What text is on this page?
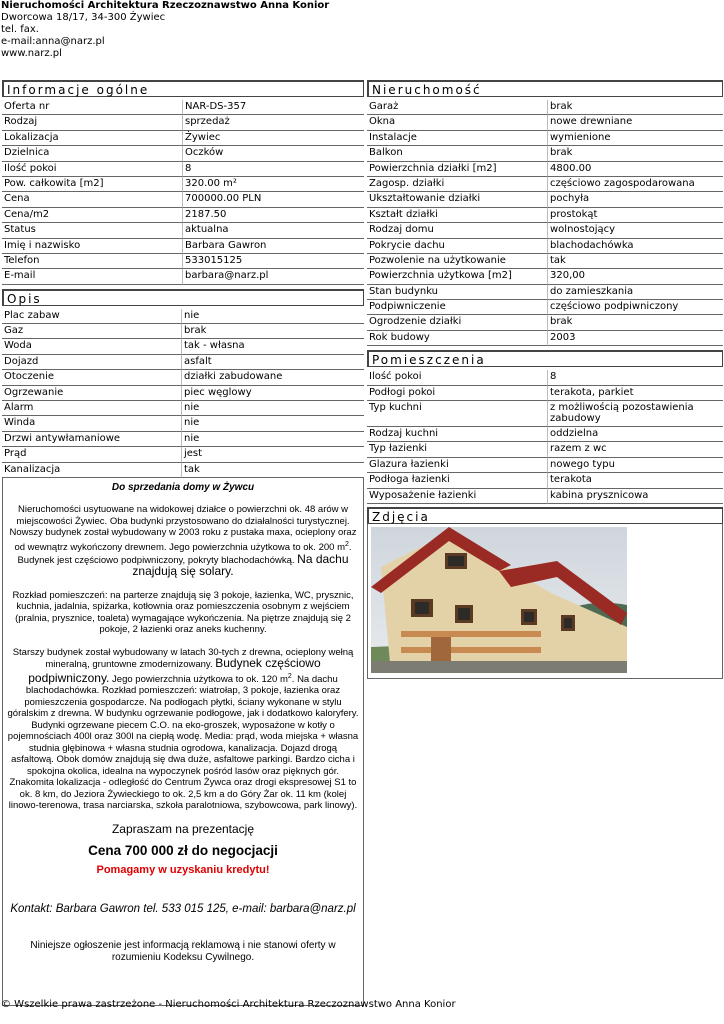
Nieruchomości Architektura Rzeczoznawstwo Anna Konior
Dworcowa 18/17, 34-300 Żywiec
tel. fax.
e-mail:anna@narz.pl
www.narz.pl
Informacje ogólne
Oferta nr	NAR-DS-357
Rodzaj	sprzedaż
Lokalizacja	Żywiec
Dzielnica	Oczków
Ilość pokoi	8
Pow. całkowita [m2]	320.00 m²
Cena	700000.00 PLN
Cena/m2	2187.50
Status	aktualna
Imię i nazwisko	Barbara Gawron
Telefon	533015125
E-mail	barbara@narz.pl
Opis
Plac zabaw	nie
Gaz	brak
Woda	tak - własna
Dojazd	asfalt
Otoczenie	działki zabudowane
Ogrzewanie	piec węglowy
Alarm	nie
Winda	nie
Drzwi antywłamaniowe	nie
Prąd	jest
Kanalizacja	tak
Do sprzedania domy w Żywcu

Nieruchomości usytuowane na widokowej działce o powierzchni ok. 48 arów w miejscowości Żywiec. Oba budynki przystosowano do działalności turystycznej. Nowszy budynek został wybudowany w 2003 roku z pustaka maxa, ocieplony oraz od wewnątrz wykończony drewnem. Jego powierzchnia użytkowa to ok. 200 $m^2$. Budynek jest częściowo podpiwniczony, pokryty blachodachówką. Na dachu znajdują się solary.

Rozkład pomieszczeń: na parterze znajdują się 3 pokoje, łazienka, WC, prysznic, kuchnia, jadalnia, spiżarka, kotłownia oraz pomieszczenia osobnym z wejściem (pralnia, prysznice, toaleta) wymagające wykończenia. Na piętrze znajdują się 2 pokoje, 2 łazienki oraz aneks kuchenny.

Starszy budynek został wybudowany w latach 30-tych z drewna, ocieplony wełną mineralną, gruntowne zmodernizowany. Budynek częściowo podpiwniczony. Jego powierzchnia użytkowa to ok. 120 $m^2$. Na dachu blachodachówka. Rozkład pomieszczeń: wiatrołap, 3 pokoje, łazienka oraz pomieszczenia gospodarcze. Na podłogach płytki, ściany wykonane w stylu góralskim z drewna. W budynku ogrzewanie podłogowe, jak i dodatkowo kaloryfery. Budynki ogrzewane piecem C.O. na eko-groszek, wyposażone w kotły o pojemnościach 400l oraz 300l na ciepłą wodę. Media: prąd, woda miejska + własna studnia głębinowa + własna studnia ogrodowa, kanalizacja. Dojazd drogą asfaltową. Obok domów znajdują się dwa duże, asfaltowe parkingi. Bardzo cicha i spokojna okolica, idealna na wypoczynek pośród lasów oraz pięknych gór. Znakomita lokalizacja - odległość do Centrum Żywca oraz drogi ekspresowej S1 to ok. 8 km, do Jeziora Żywieckiego to ok. 2,5 km a do Góry Żar ok. 11 km (kolej linowo-terenowa, trasa narciarska, szkoła paralotniowa, szybowcowa, park linowy).

Zapraszam na prezentację
Cena 700 000 zł do negocjacji
Pomagamy w uzyskaniu kredytu!
Kontakt: Barbara Gawron tel. 533 015 125, e-mail: barbara@narz.pl
Niniejsze ogłoszenie jest informacją reklamową i nie stanowi oferty w rozumieniu Kodeksu Cywilnego.
Nieruchomość
Garaż	brak
Okna	nowe drewniane
Instalacje	wymienione
Balkon	brak
Powierzchnia działki [m2]	4800.00
Zagosp. działki	częściowo zagospodarowana
Ukształtowanie działki	pochyła
Kształt działki	prostokąt
Rodzaj domu	wolnostojący
Pokrycie dachu	blachodachówka
Pozwolenie na użytkowanie	tak
Powierzchnia użytkowa [m2]	320,00
Stan budynku	do zamieszkania
Podpiwniczenie	częściowo podpiwniczony
Ogrodzenie działki	brak
Rok budowy	2003
Pomieszczenia
Ilość pokoi	8
Podłogi pokoi	terakota, parkiet
Typ kuchni	z możliwością pozostawienia zabudowy
Rodzaj kuchni	oddzielna
Typ łazienki	razem z wc
Glazura łazienki	nowego typu
Podłoga łazienki	terakota
Wyposażenie łazienki	kabina prysznicowa
Zdjęcia
© Wszelkie prawa zastrzeżone - Nieruchomości Architektura Rzeczoznawstwo Anna Konior
